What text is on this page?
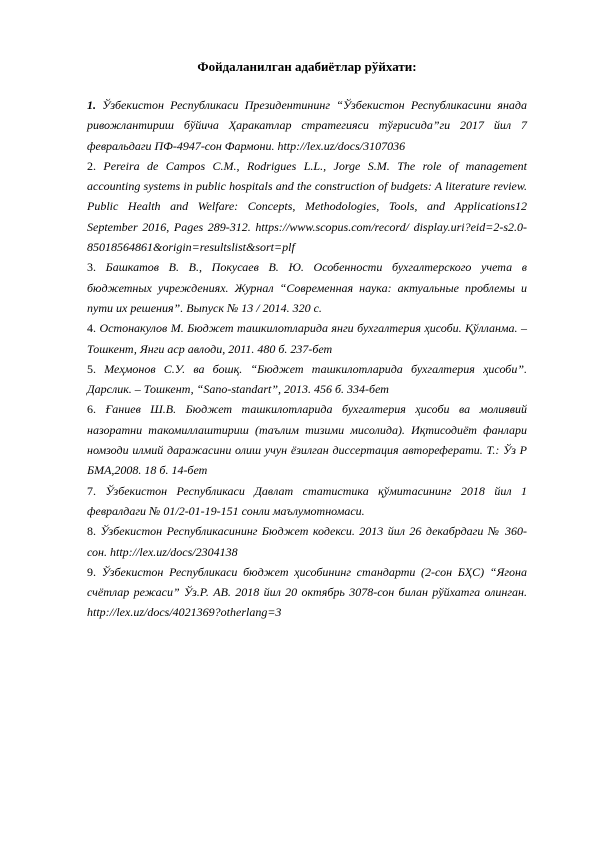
Фойдаланилган адабиётлар рўйхати:
1. Ўзбекистон Республикаси Президентининг “Ўзбекистон Республикасини янада ривожлантириш бўйича Ҳаракатлар стратегияси тўғрисида”ги 2017 йил 7 февральдаги ПФ-4947-сон Фармони. http://lex.uz/docs/3107036
2. Pereira de Campos C.M., Rodrigues L.L., Jorge S.M. The role of management accounting systems in public hospitals and the construction of budgets: A literature review. Public Health and Welfare: Concepts, Methodologies, Tools, and Applications12 September 2016, Pages 289-312. https://www.scopus.com/record/ display.uri?eid=2-s2.0-85018564861&origin=resultslist&sort=plf
3. Башкатов В. В., Покусаев В. Ю. Особенности бухгалтерского учета в бюджетных учреждениях. Журнал “Современная наука: актуальные проблемы и пути их решения”. Выпуск № 13 / 2014. 320 с.
4. Остонакулов М. Бюджет ташкилотларида янги бухгалтерия ҳисоби. Қўлланма. – Тошкент, Янги аср авлоди, 2011. 480 б. 237-бет
5. Меҳмонов С.У. ва бошқ. “Бюджет ташкилотларида бухгалтерия ҳисоби”. Дарслик. – Тошкент, “Sano-standart”, 2013. 456 б. 334-бет
6. Ғаниев Ш.В. Бюджет ташкилотларида бухгалтерия ҳисоби ва молиявий назоратни такомиллаштириш (таълим тизими мисолида). Иқтисодиёт фанлари номзоди илмий даражасини олиш учун ёзилган диссертация автореферати. Т.: Ўз Р БМА,2008. 18 б. 14-бет
7. Ўзбекистон Республикаси Давлат статистика қўмитасининг 2018 йил 1 февралдаги № 01/2-01-19-151 сонли маълумотномаси.
8. Ўзбекистон Республикасининг Бюджет кодекси. 2013 йил 26 декабрдаги № 360-сон. http://lex.uz/docs/2304138
9. Ўзбекистон Республикаси бюджет ҳисобининг стандарти (2-сон БҲС) “Ягона счётлар режаси” Ўз.Р. АВ. 2018 йил 20 октябрь 3078-сон билан рўйхатга олинган. http://lex.uz/docs/4021369?otherlang=3
